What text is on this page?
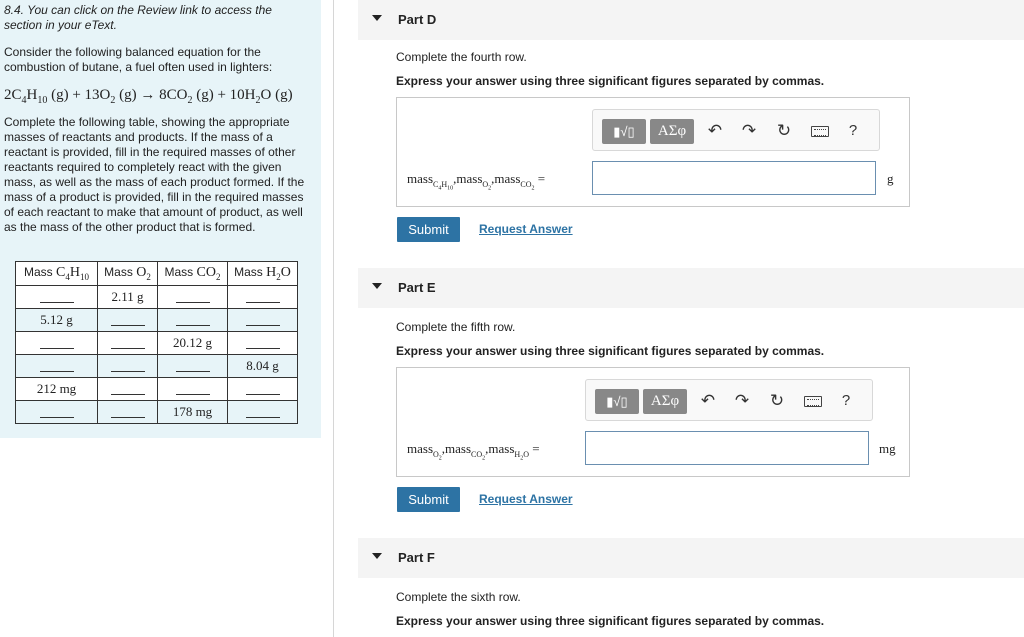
8.4. You can click on the Review link to access the section in your eText.
Consider the following balanced equation for the combustion of butane, a fuel often used in lighters:
$2C_4H_{10}$ $(g) + 13O_2$ $(g) \to 8CO_2$ $(g) + 10H_2O$ (g)
Complete the following table, showing the appropriate masses of reactants and products. If the mass of a reactant is provided, fill in the required masses of other reactants required to completely react with the given mass, as well as the mass of each product formed. If the mass of a product is provided, fill in the required masses of each reactant to make that amount of product, as well as the mass of the other product that is formed.
Mass $C_4H_{10}$	Mass $O_2$	Mass $CO_2$	Mass $H_2O$
	2.11 g		
5.12 g			
		20.12 g	
			8.04 g
212 mg			
		178 mg	
Part D
Complete the fourth row.
Express your answer using three significant figures separated by commas.
▮√▯	ΑΣφ	↶ ↷ ↻	?
mass$_{C_4H_{10}}$,mass$_{O_2}$,mass$_{CO_2}$ =	g
Submit	Request Answer
Part E
Complete the fifth row.
Express your answer using three significant figures separated by commas.
▮√▯	ΑΣφ	↶ ↷ ↻	?
mass$_{O_2}$,mass$_{CO_2}$,mass$_{H_2O}$ =	mg
Submit	Request Answer
Part F
Complete the sixth row.
Express your answer using three significant figures separated by commas.
